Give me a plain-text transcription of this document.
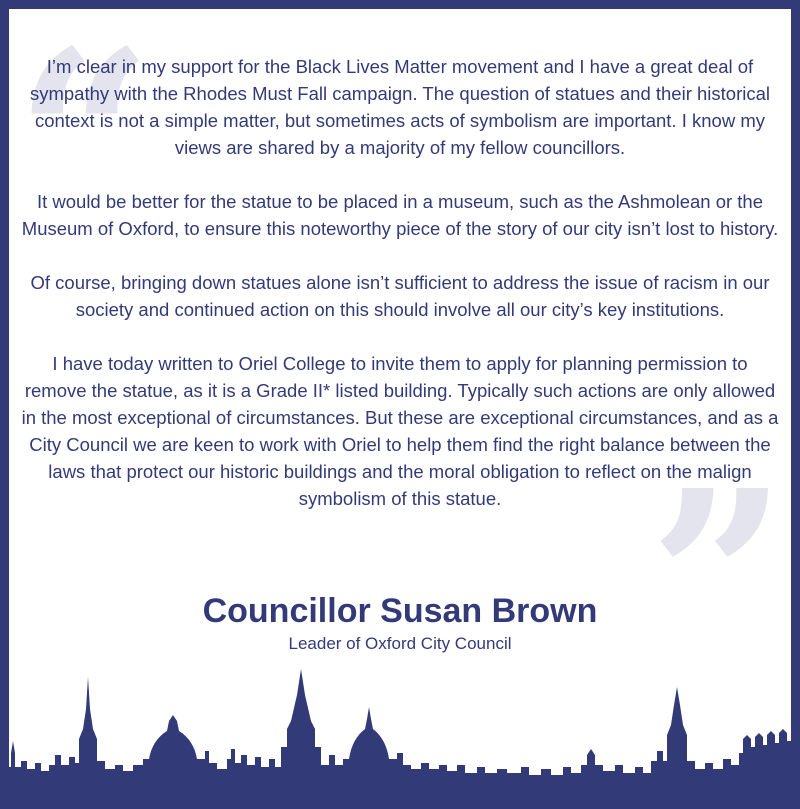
“
”

I’m clear in my support for the Black Lives Matter movement and I have a great deal of sympathy with the Rhodes Must Fall campaign. The question of statues and their historical context is not a simple matter, but sometimes acts of symbolism are important. I know my views are shared by a majority of my fellow councillors.

It would be better for the statue to be placed in a museum, such as the Ashmolean or the Museum of Oxford, to ensure this noteworthy piece of the story of our city isn’t lost to history.

Of course, bringing down statues alone isn’t sufficient to address the issue of racism in our society and continued action on this should involve all our city’s key institutions.

I have today written to Oriel College to invite them to apply for planning permission to remove the statue, as it is a Grade II* listed building. Typically such actions are only allowed in the most exceptional of circumstances. But these are exceptional circumstances, and as a City Council we are keen to work with Oriel to help them find the right balance between the laws that protect our historic buildings and the moral obligation to reflect on the malign symbolism of this statue.

Councillor Susan Brown
Leader of Oxford City Council
